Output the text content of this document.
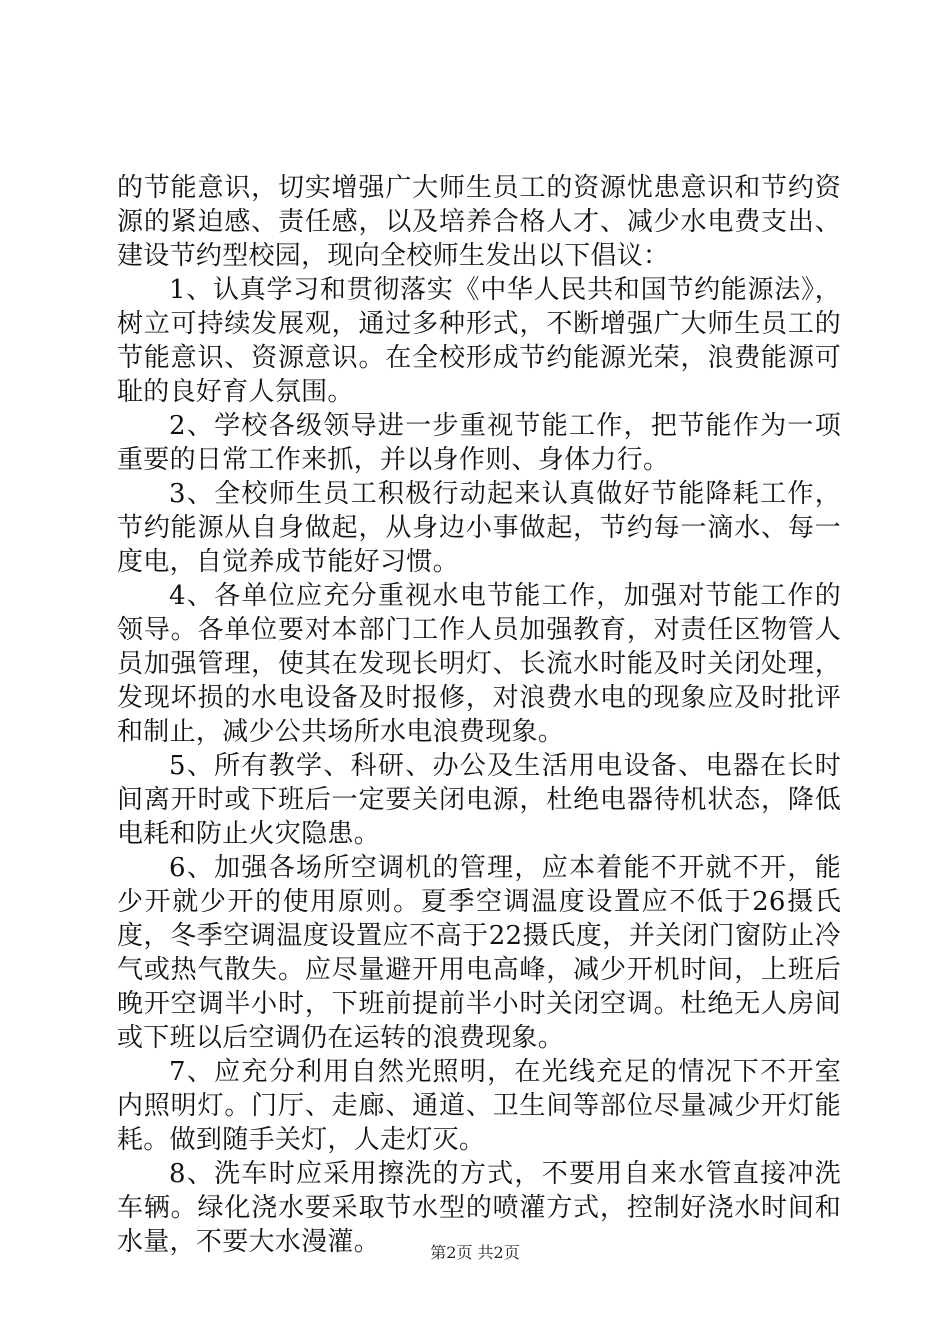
的节能意识，切实增强广大师生员工的资源忧患意识和节约资源的紧迫感、责任感，以及培养合格人才、减少水电费支出、建设节约型校园，现向全校师生发出以下倡议：

1、认真学习和贯彻落实《中华人民共和国节约能源法》，树立可持续发展观，通过多种形式，不断增强广大师生员工的节能意识、资源意识。在全校形成节约能源光荣，浪费能源可耻的良好育人氛围。

2、学校各级领导进一步重视节能工作，把节能作为一项重要的日常工作来抓，并以身作则、身体力行。

3、全校师生员工积极行动起来认真做好节能降耗工作，节约能源从自身做起，从身边小事做起，节约每一滴水、每一度电，自觉养成节能好习惯。

4、各单位应充分重视水电节能工作，加强对节能工作的领导。各单位要对本部门工作人员加强教育，对责任区物管人员加强管理，使其在发现长明灯、长流水时能及时关闭处理，发现坏损的水电设备及时报修，对浪费水电的现象应及时批评和制止，减少公共场所水电浪费现象。

5、所有教学、科研、办公及生活用电设备、电器在长时间离开时或下班后一定要关闭电源，杜绝电器待机状态，降低电耗和防止火灾隐患。

6、加强各场所空调机的管理，应本着能不开就不开，能少开就少开的使用原则。夏季空调温度设置应不低于26摄氏度，冬季空调温度设置应不高于22摄氏度，并关闭门窗防止冷气或热气散失。应尽量避开用电高峰，减少开机时间，上班后晚开空调半小时，下班前提前半小时关闭空调。杜绝无人房间或下班以后空调仍在运转的浪费现象。

7、应充分利用自然光照明，在光线充足的情况下不开室内照明灯。门厅、走廊、通道、卫生间等部位尽量减少开灯能耗。做到随手关灯，人走灯灭。

8、洗车时应采用擦洗的方式，不要用自来水管直接冲洗车辆。绿化浇水要采取节水型的喷灌方式，控制好浇水时间和水量，不要大水漫灌。	第2页 共2页
